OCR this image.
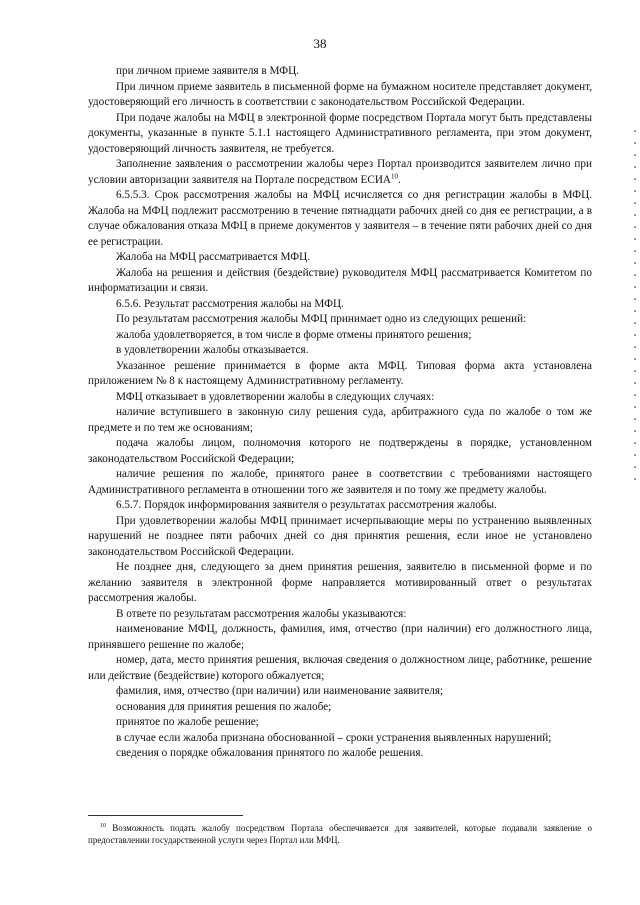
38

при личном приеме заявителя в МФЦ.

При личном приеме заявитель в письменной форме на бумажном носителе представляет документ, удостоверяющий его личность в соответствии с законодательством Российской Федерации.

При подаче жалобы на МФЦ в электронной форме посредством Портала могут быть представлены документы, указанные в пункте 5.1.1 настоящего Административного регламента, при этом документ, удостоверяющий личность заявителя, не требуется.

Заполнение заявления о рассмотрении жалобы через Портал производится заявителем лично при условии авторизации заявителя на Портале посредством ЕСИА$^{10}$.

6.5.5.3. Срок рассмотрения жалобы на МФЦ исчисляется со дня регистрации жалобы в МФЦ. Жалоба на МФЦ подлежит рассмотрению в течение пятнадцати рабочих дней со дня ее регистрации, а в случае обжалования отказа МФЦ в приеме документов у заявителя – в течение пяти рабочих дней со дня ее регистрации.

Жалоба на МФЦ рассматривается МФЦ.

Жалоба на решения и действия (бездействие) руководителя МФЦ рассматривается Комитетом по информатизации и связи.

6.5.6. Результат рассмотрения жалобы на МФЦ.

По результатам рассмотрения жалобы МФЦ принимает одно из следующих решений:

жалоба удовлетворяется, в том числе в форме отмены принятого решения;

в удовлетворении жалобы отказывается.

Указанное решение принимается в форме акта МФЦ. Типовая форма акта установлена приложением № 8 к настоящему Административному регламенту.

МФЦ отказывает в удовлетворении жалобы в следующих случаях:

наличие вступившего в законную силу решения суда, арбитражного суда по жалобе о том же предмете и по тем же основаниям;

подача жалобы лицом, полномочия которого не подтверждены в порядке, установленном законодательством Российской Федерации;

наличие решения по жалобе, принятого ранее в соответствии с требованиями настоящего Административного регламента в отношении того же заявителя и по тому же предмету жалобы.

6.5.7. Порядок информирования заявителя о результатах рассмотрения жалобы.

При удовлетворении жалобы МФЦ принимает исчерпывающие меры по устранению выявленных нарушений не позднее пяти рабочих дней со дня принятия решения, если иное не установлено законодательством Российской Федерации.

Не позднее дня, следующего за днем принятия решения, заявителю в письменной форме и по желанию заявителя в электронной форме направляется мотивированный ответ о результатах рассмотрения жалобы.

В ответе по результатам рассмотрения жалобы указываются:

наименование МФЦ, должность, фамилия, имя, отчество (при наличии) его должностного лица, принявшего решение по жалобе;

номер, дата, место принятия решения, включая сведения о должностном лице, работнике, решение или действие (бездействие) которого обжалуется;

фамилия, имя, отчество (при наличии) или наименование заявителя;

основания для принятия решения по жалобе;

принятое по жалобе решение;

в случае если жалоба признана обоснованной – сроки устранения выявленных нарушений;

сведения о порядке обжалования принятого по жалобе решения.

$^{10}$ Возможность подать жалобу посредством Портала обеспечивается для заявителей, которые подавали заявление о предоставлении государственной услуги через Портал или МФЦ.
